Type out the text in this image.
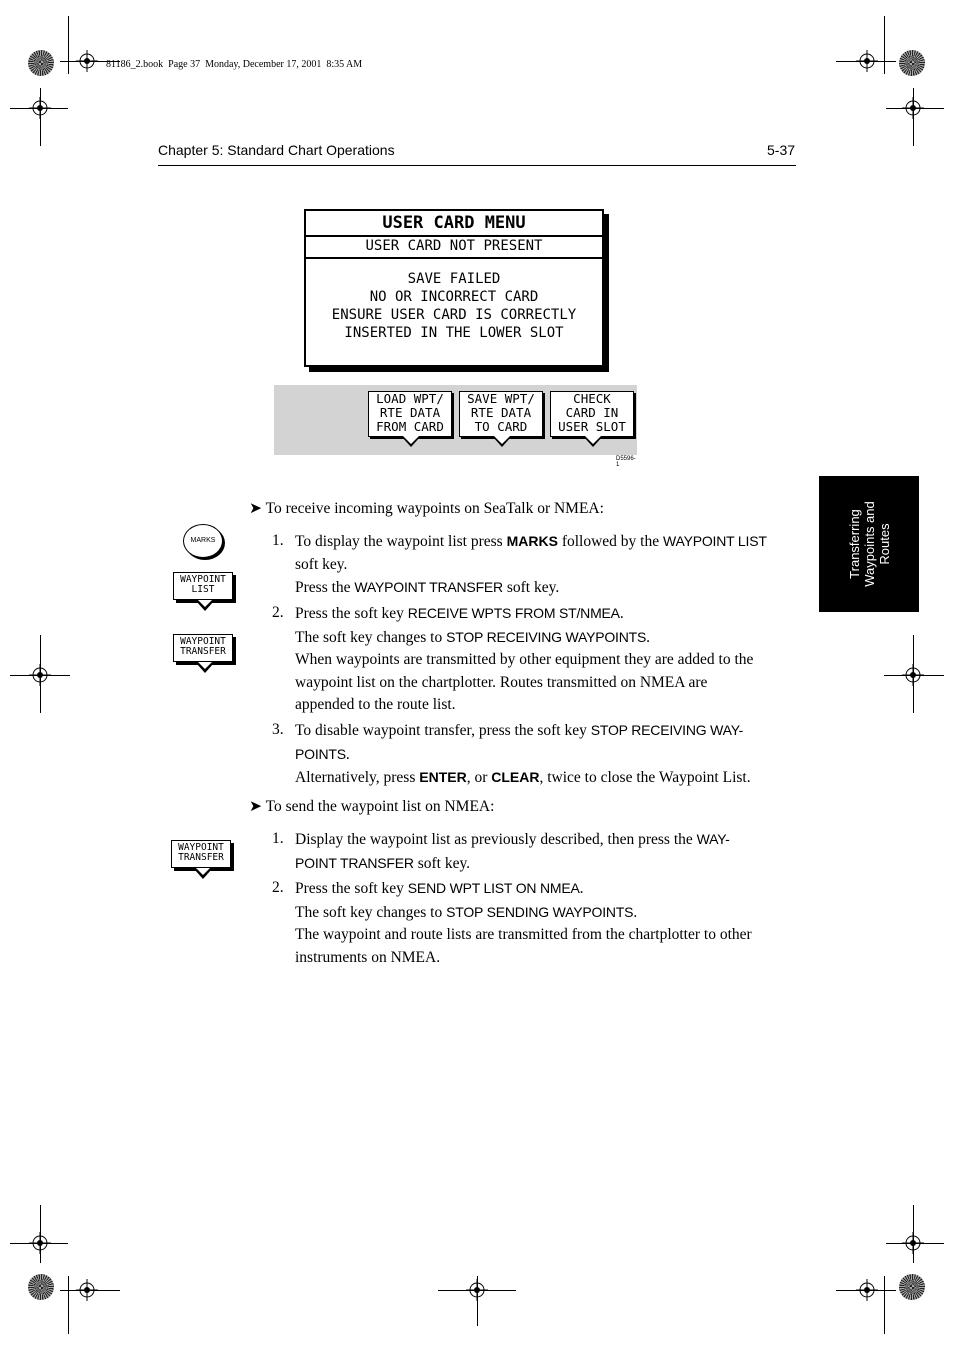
81186_2.book  Page 37  Monday, December 17, 2001  8:35 AM
Chapter 5: Standard Chart Operations	5-37
Transferring Waypoints and Routes
USER CARD MENU
USER CARD NOT PRESENT
SAVE FAILED
NO OR INCORRECT CARD
ENSURE USER CARD IS CORRECTLY
INSERTED IN THE LOWER SLOT
LOAD WPT/
RTE DATA
FROM CARD
SAVE WPT/
RTE DATA
TO CARD
CHECK
CARD IN
USER SLOT
D5596-1
MARKS
WAYPOINT
LIST
WAYPOINT
TRANSFER
WAYPOINT
TRANSFER
➤ To receive incoming waypoints on SeaTalk or NMEA:
1. To display the waypoint list press MARKS followed by the WAYPOINT LIST
soft key.
Press the WAYPOINT TRANSFER soft key.
2. Press the soft key RECEIVE WPTS FROM ST/NMEA.
The soft key changes to STOP RECEIVING WAYPOINTS.
When waypoints are transmitted by other equipment they are added to the
waypoint list on the chartplotter. Routes transmitted on NMEA are
appended to the route list.
3. To disable waypoint transfer, press the soft key STOP RECEIVING WAY-
POINTS.
Alternatively, press ENTER, or CLEAR, twice to close the Waypoint List.
➤ To send the waypoint list on NMEA:
1. Display the waypoint list as previously described, then press the WAY-
POINT TRANSFER soft key.
2. Press the soft key SEND WPT LIST ON NMEA.
The soft key changes to STOP SENDING WAYPOINTS.
The waypoint and route lists are transmitted from the chartplotter to other
instruments on NMEA.
